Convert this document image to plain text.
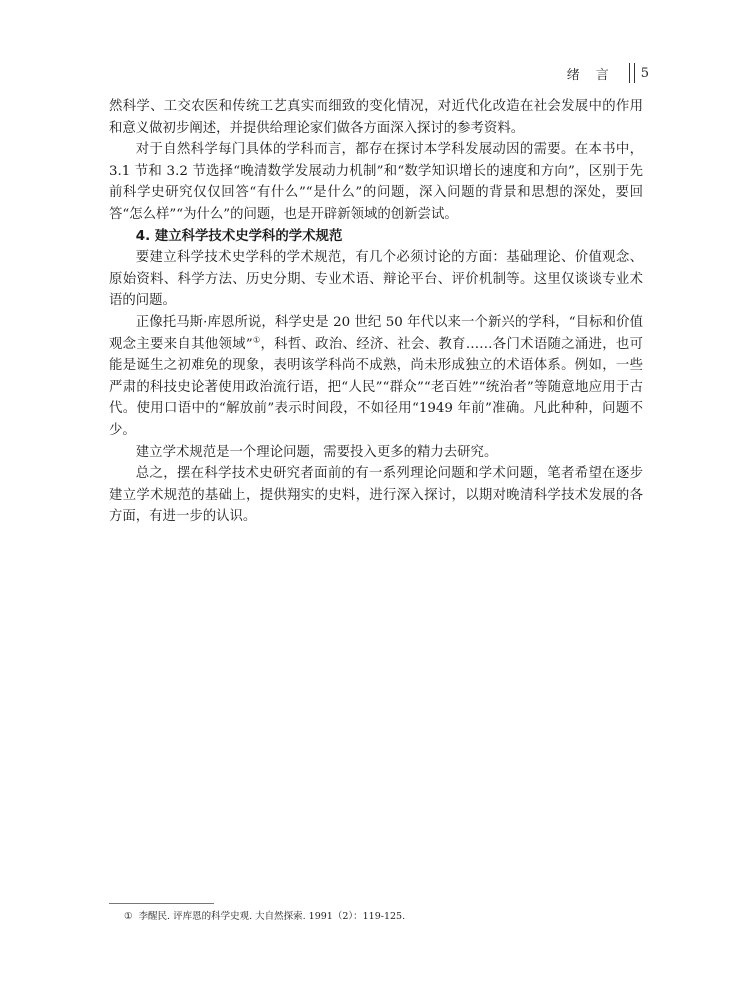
绪言 5

然科学、工交农医和传统工艺真实而细致的变化情况，对近代化改造在社会发展中的作用和意义做初步阐述，并提供给理论家们做各方面深入探讨的参考资料。

对于自然科学每门具体的学科而言，都存在探讨本学科发展动因的需要。在本书中，3.1 节和 3.2 节选择“晚清数学发展动力机制”和“数学知识增长的速度和方向”，区别于先前科学史研究仅仅回答“有什么”“是什么”的问题，深入问题的背景和思想的深处，要回答“怎么样”“为什么”的问题，也是开辟新领域的创新尝试。

4. 建立科学技术史学科的学术规范

要建立科学技术史学科的学术规范，有几个必须讨论的方面：基础理论、价值观念、原始资料、科学方法、历史分期、专业术语、辩论平台、评价机制等。这里仅谈谈专业术语的问题。

正像托马斯·库恩所说，科学史是 20 世纪 50 年代以来一个新兴的学科，“目标和价值观念主要来自其他领域”①，科哲、政治、经济、社会、教育……各门术语随之涌进，也可能是诞生之初难免的现象，表明该学科尚不成熟，尚未形成独立的术语体系。例如，一些严肃的科技史论著使用政治流行语，把“人民”“群众”“老百姓”“统治者”等随意地应用于古代。使用口语中的“解放前”表示时间段，不如径用“1949 年前”准确。凡此种种，问题不少。

建立学术规范是一个理论问题，需要投入更多的精力去研究。

总之，摆在科学技术史研究者面前的有一系列理论问题和学术问题，笔者希望在逐步建立学术规范的基础上，提供翔实的史料，进行深入探讨，以期对晚清科学技术发展的各方面，有进一步的认识。

① 李醒民. 评库恩的科学史观. 大自然探索. 1991（2）：119-125.
